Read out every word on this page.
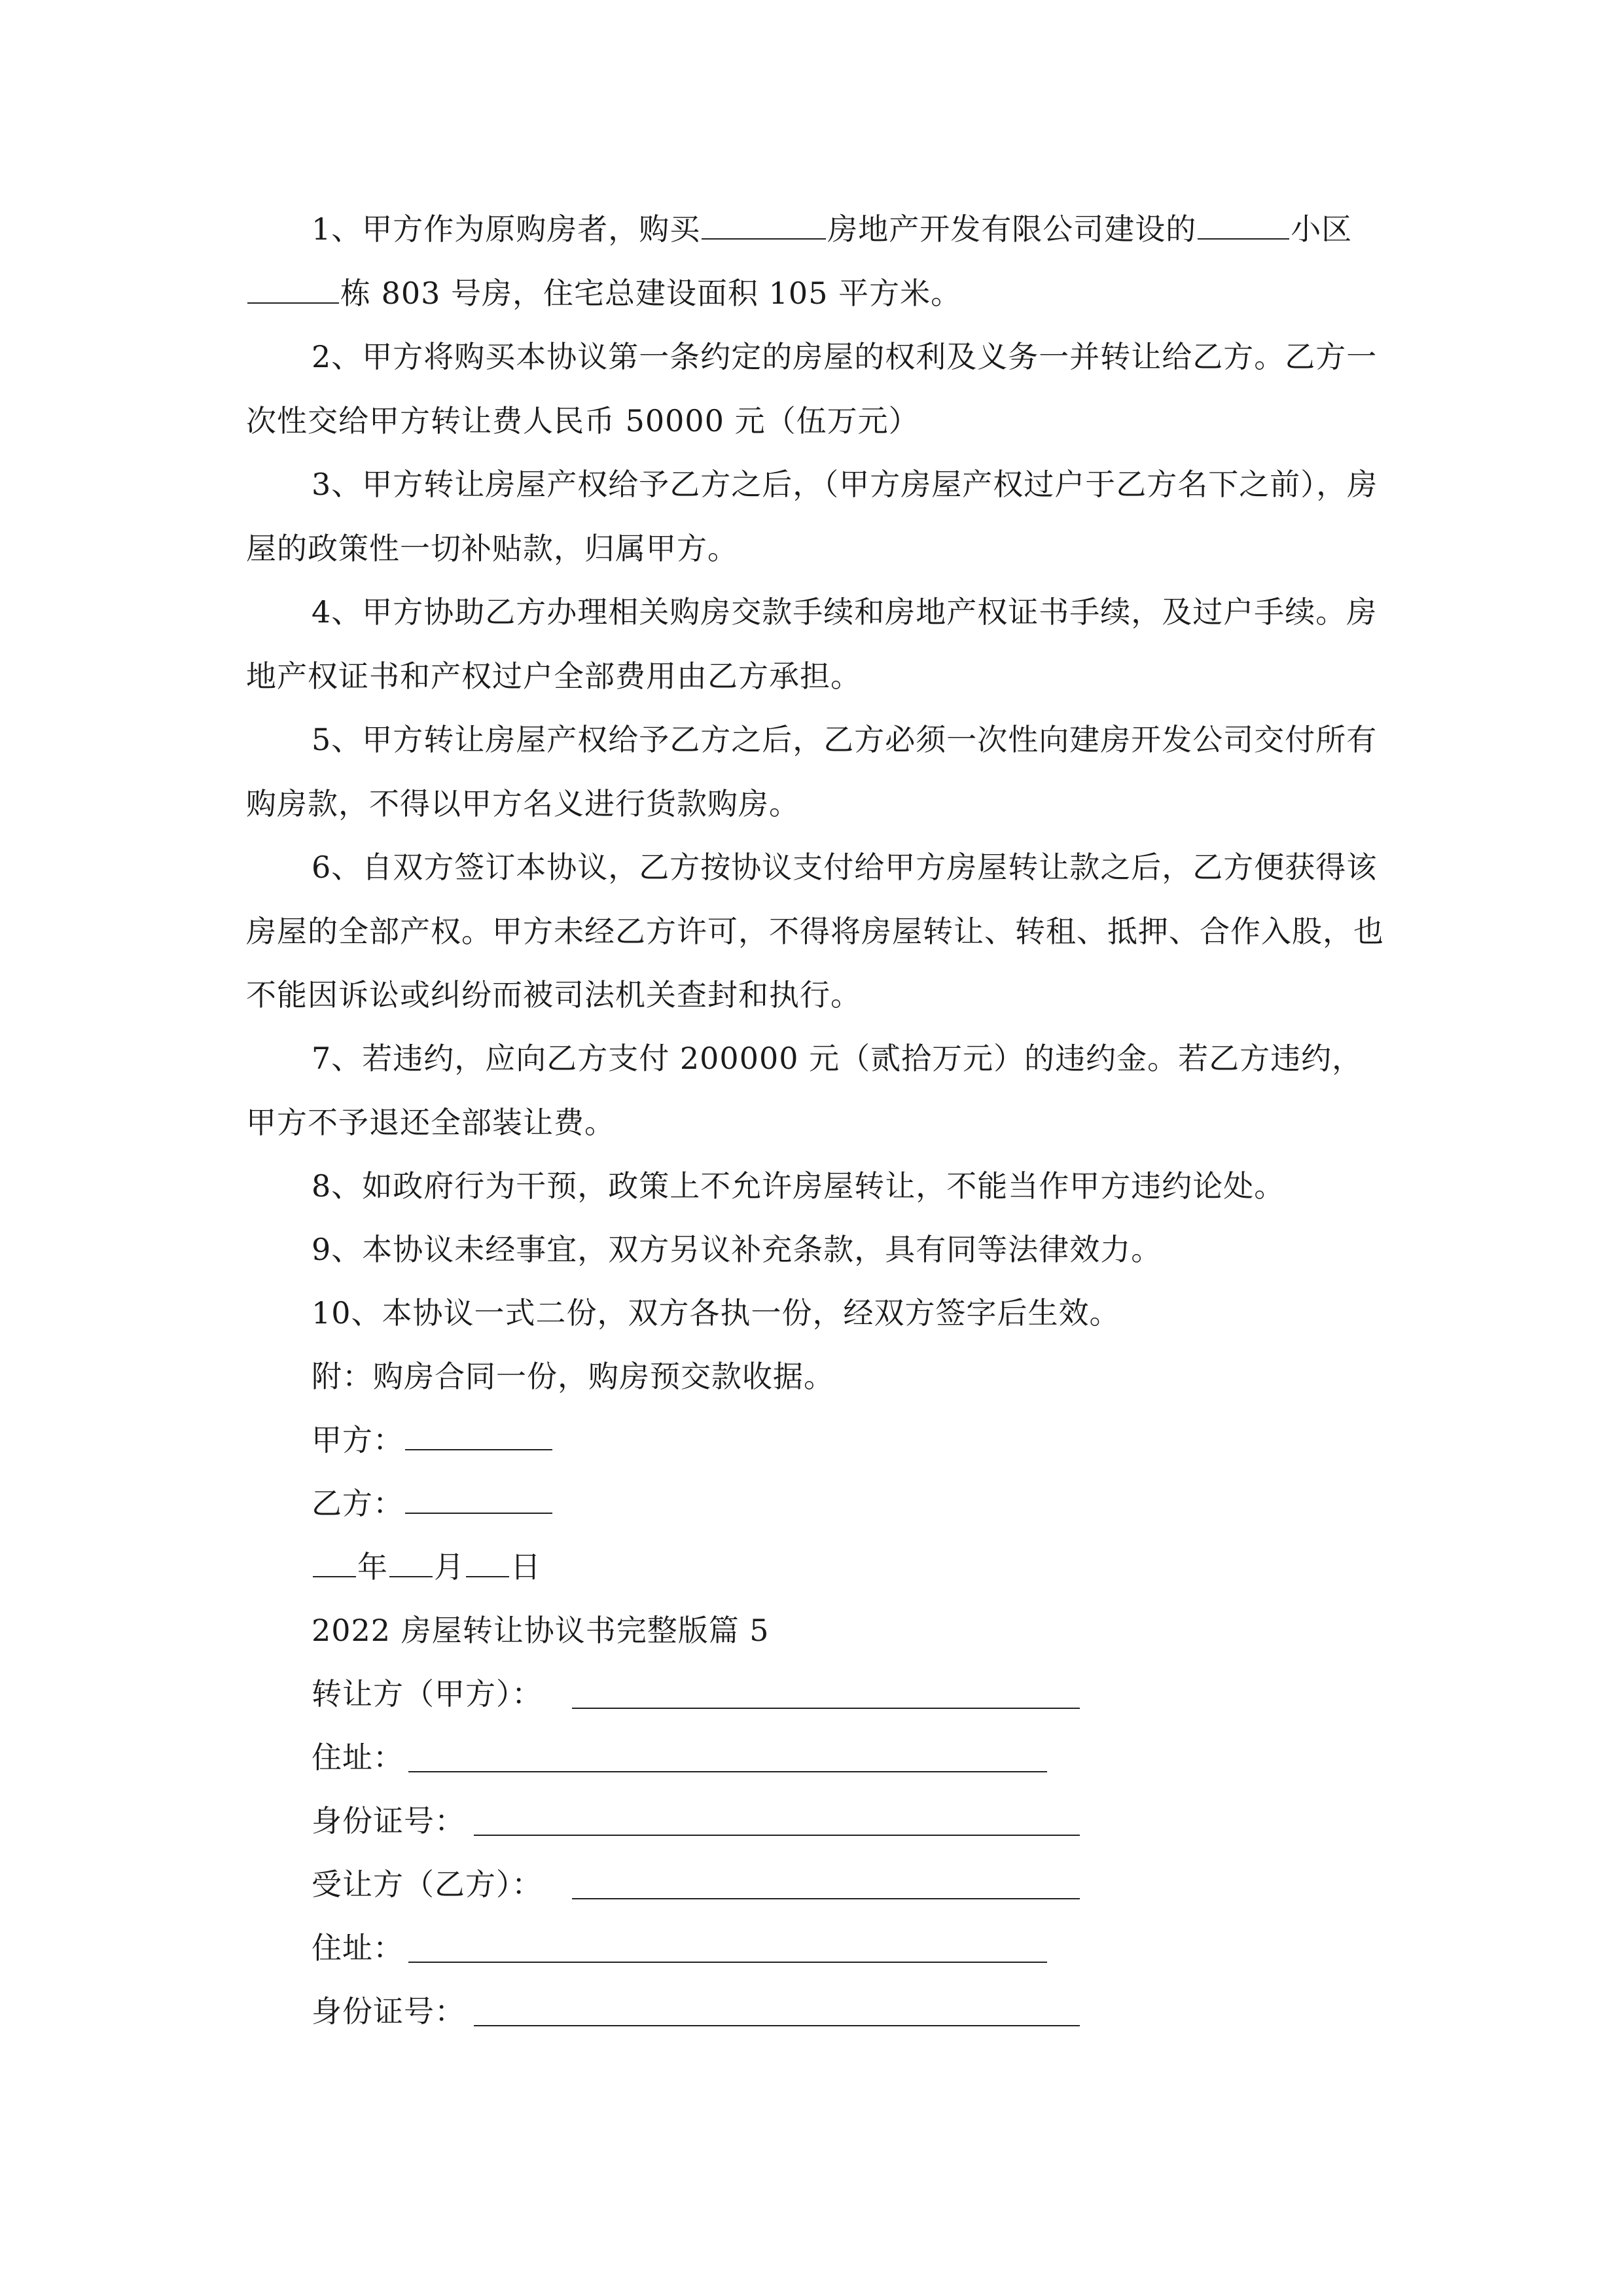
1、甲方作为原购房者，购买	房地产开发有限公司建设的	小区栋 803 号房，住宅总建设面积 105 平方米。
2、甲方将购买本协议第一条约定的房屋的权利及义务一并转让给乙方。乙方一次性交给甲方转让费人民币 50000 元（伍万元）
3、甲方转让房屋产权给予乙方之后，（甲方房屋产权过户于乙方名下之前），房屋的政策性一切补贴款，归属甲方。
4、甲方协助乙方办理相关购房交款手续和房地产权证书手续，及过户手续。房地产权证书和产权过户全部费用由乙方承担。
5、甲方转让房屋产权给予乙方之后，乙方必须一次性向建房开发公司交付所有购房款，不得以甲方名义进行货款购房。
6、自双方签订本协议，乙方按协议支付给甲方房屋转让款之后，乙方便获得该房屋的全部产权。甲方未经乙方许可，不得将房屋转让、转租、抵押、合作入股，也不能因诉讼或纠纷而被司法机关查封和执行。
7、若违约，应向乙方支付 200000 元（贰拾万元）的违约金。若乙方违约，甲方不予退还全部装让费。
8、如政府行为干预，政策上不允许房屋转让，不能当作甲方违约论处。
9、本协议未经事宜，双方另议补充条款，具有同等法律效力。
10、本协议一式二份，双方各执一份，经双方签字后生效。
附：购房合同一份，购房预交款收据。
甲方：
乙方：
年 月 日
2022 房屋转让协议书完整版篇 5
转让方（甲方）：
住址：
身份证号：
受让方（乙方）：
住址：
身份证号：
